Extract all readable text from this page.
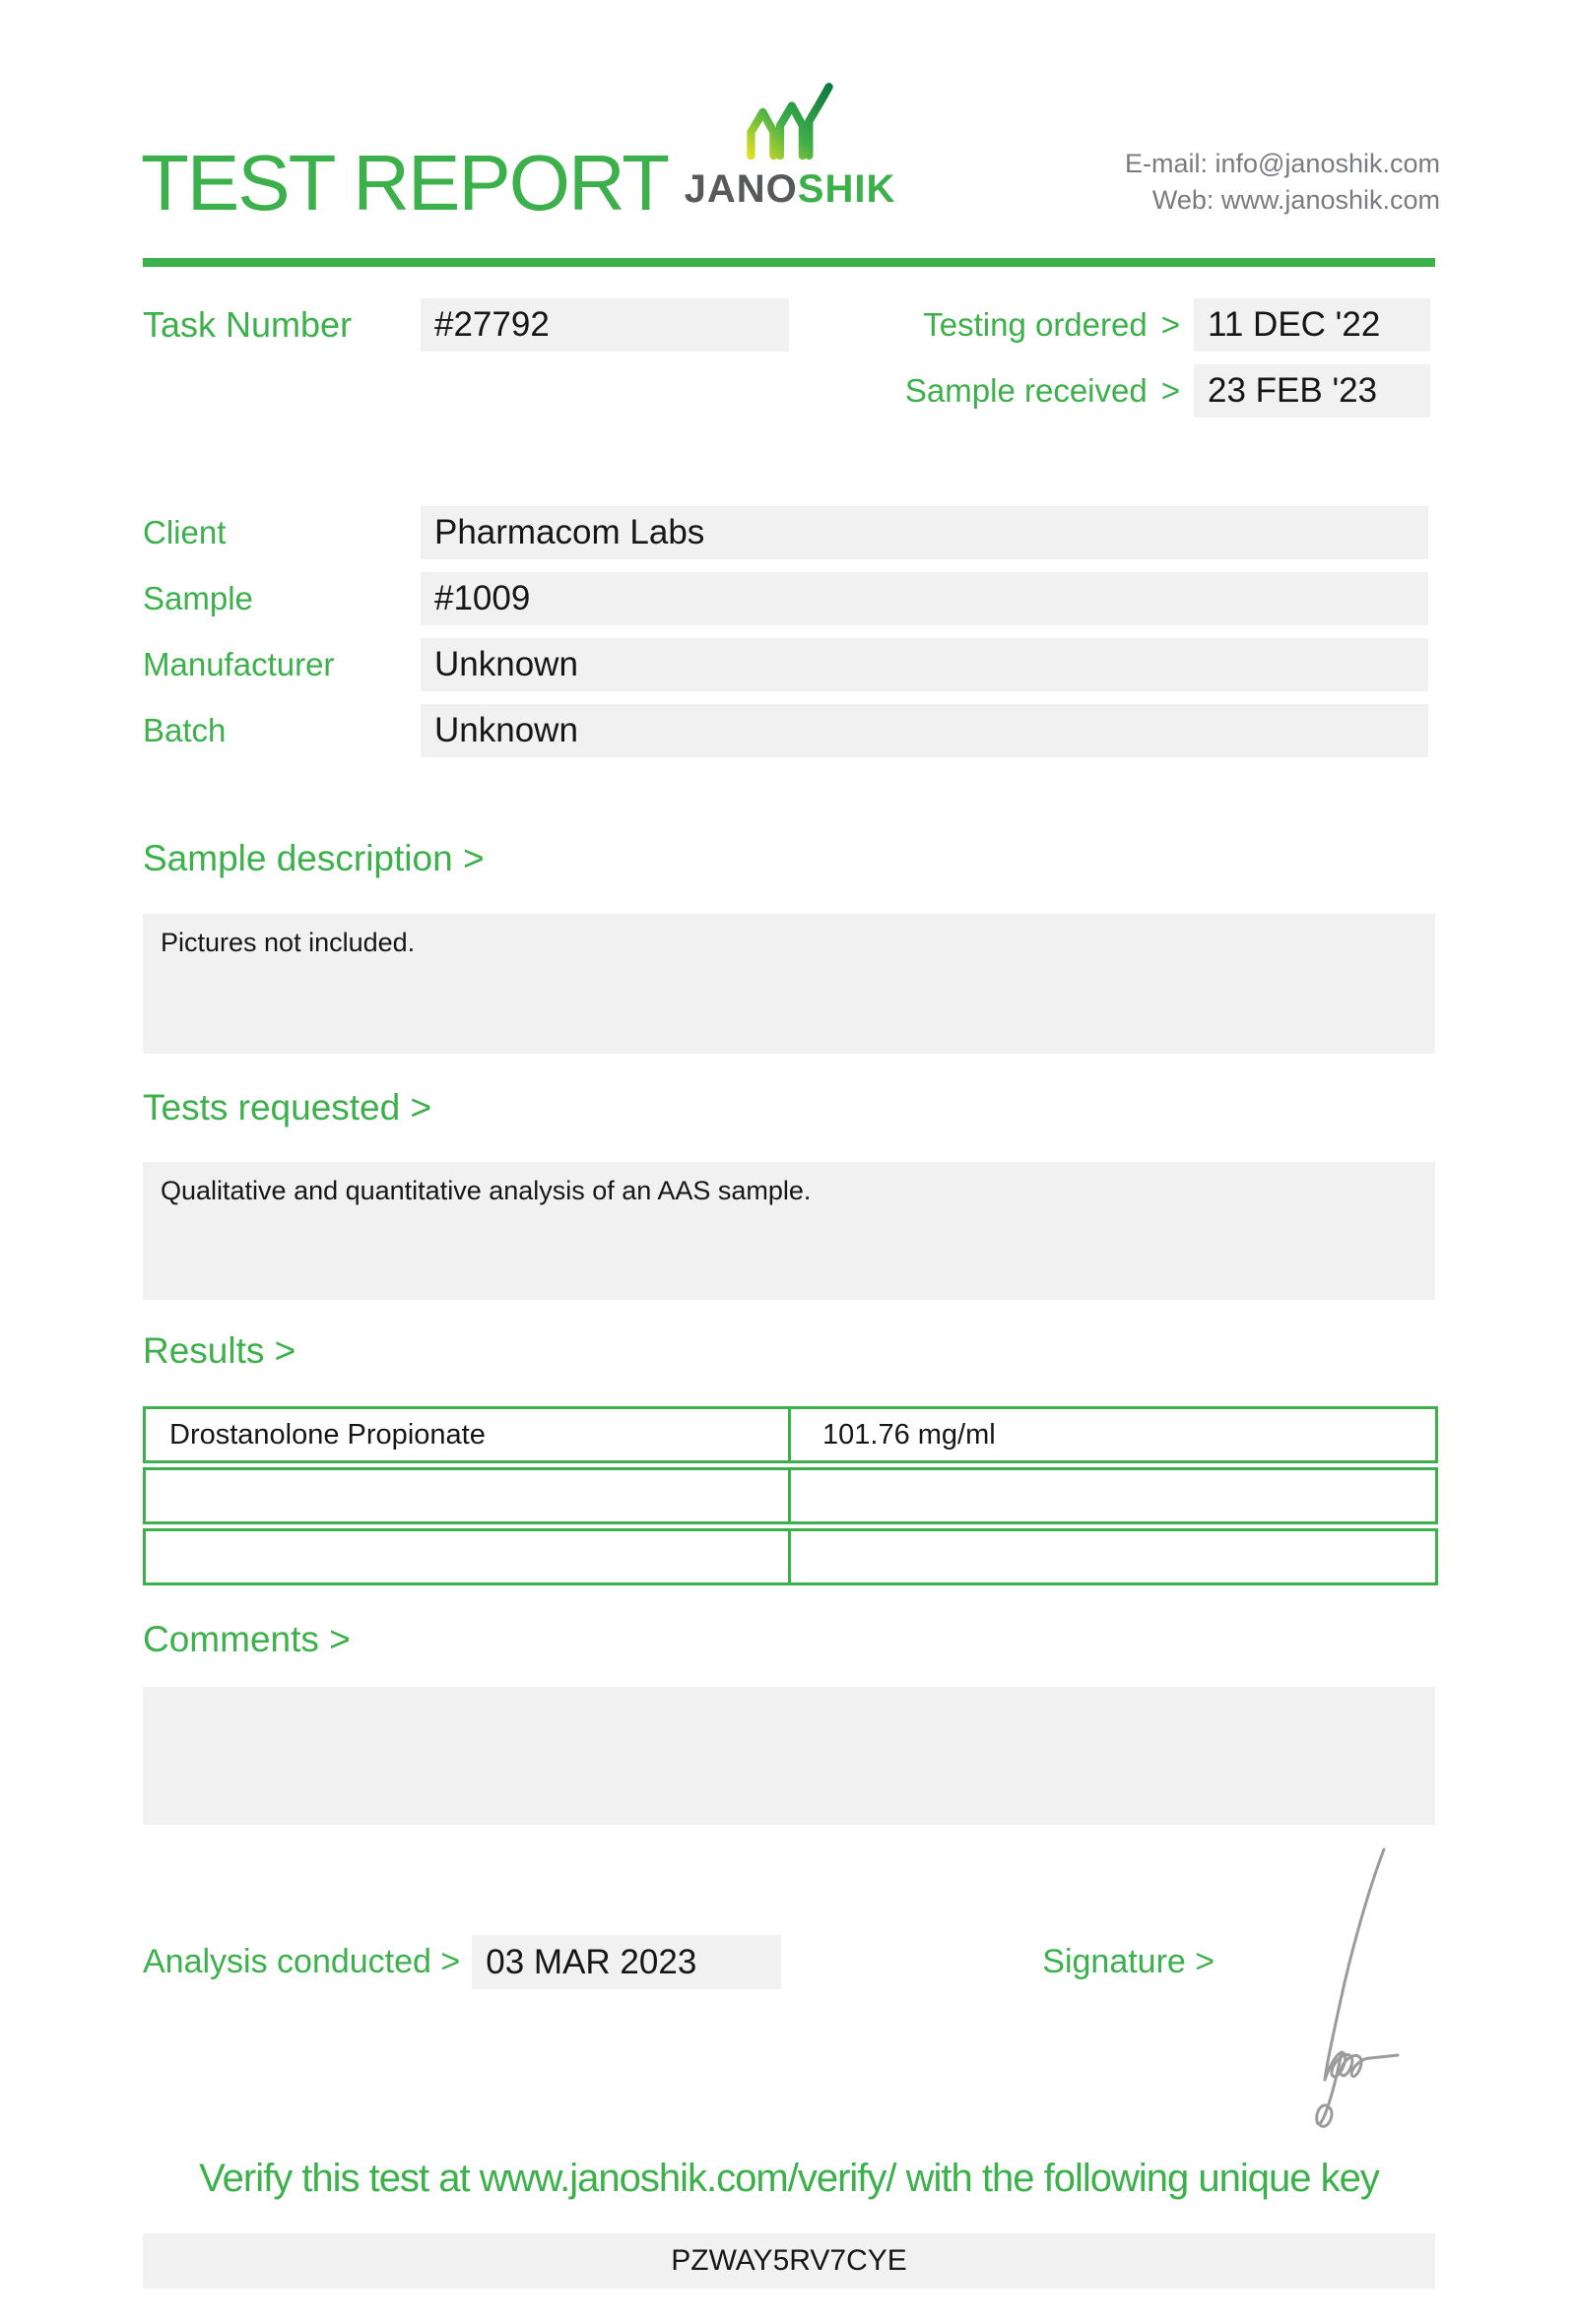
TEST REPORT JANOSHIK
E-mail: info@janoshik.com
Web: www.janoshik.com
Task Number	#27792	Testing ordered > 11 DEC '22
Sample received > 23 FEB '23
Client	Pharmacom Labs
Sample	#1009
Manufacturer	Unknown
Batch	Unknown
Sample description >
Pictures not included.
Tests requested >
Qualitative and quantitative analysis of an AAS sample.
Results >
Drostanolone Propionate	101.76 mg/ml
Comments >
Analysis conducted > 03 MAR 2023	Signature >
Verify this test at www.janoshik.com/verify/ with the following unique key
PZWAY5RV7CYE
